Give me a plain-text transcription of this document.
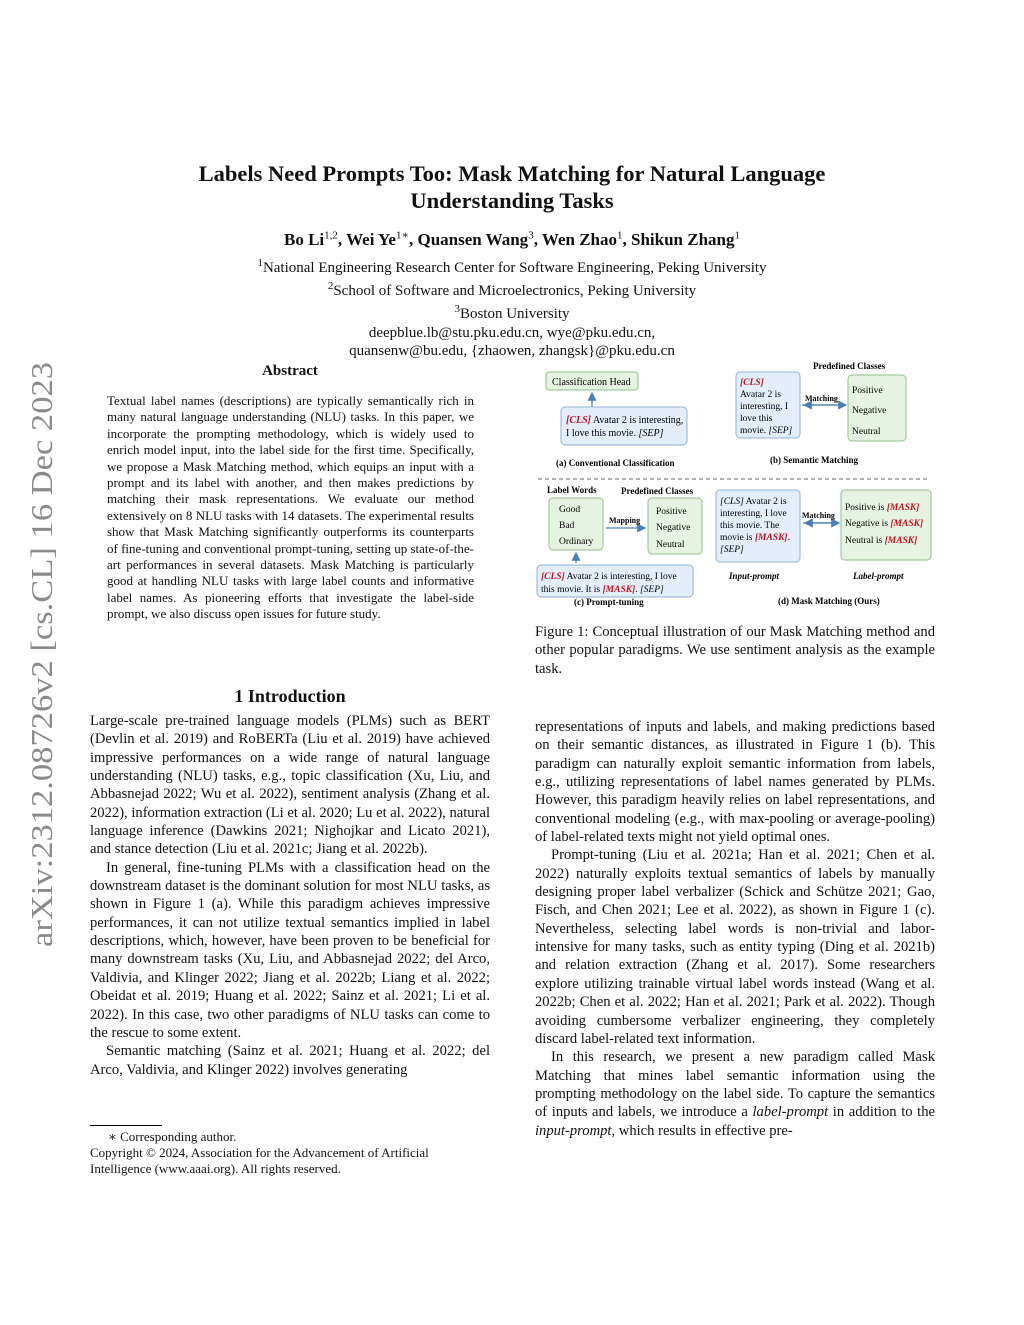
arXiv:2312.08726v2 [cs.CL] 16 Dec 2023
Labels Need Prompts Too: Mask Matching for Natural Language
Understanding Tasks
Bo Li$^{1,2}$, Wei $Ye^{1∗}$, Quansen Wang$^3$, Wen Zhao$^1$, Shikun Zhang$^1$
$^1$National Engineering Research Center for Software Engineering, Peking University
$^2$School of Software and Microelectronics, Peking University
$^3$Boston University
deepblue.lb@stu.pku.edu.cn, wye@pku.edu.cn,
quansenw@bu.edu, {zhaowen, zhangsk}@pku.edu.cn
Abstract
Textual label names (descriptions) are typically semantically rich in many natural language understanding (NLU) tasks. In this paper, we incorporate the prompting methodology, which is widely used to enrich model input, into the label side for the first time. Specifically, we propose a Mask Matching method, which equips an input with a prompt and its label with another, and then makes predictions by matching their mask representations. We evaluate our method extensively on 8 NLU tasks with 14 datasets. The experimental results show that Mask Matching significantly outperforms its counterparts of fine-tuning and conventional prompt-tuning, setting up state-of-the-art performances in several datasets. Mask Matching is particularly good at handling NLU tasks with large label counts and informative label names. As pioneering efforts that investigate the label-side prompt, we also discuss open issues for future study.
1 Introduction

Large-scale pre-trained language models (PLMs) such as BERT (Devlin et al. 2019) and RoBERTa (Liu et al. 2019) have achieved impressive performances on a wide range of natural language understanding (NLU) tasks, e.g., topic classification (Xu, Liu, and Abbasnejad 2022; Wu et al. 2022), sentiment analysis (Zhang et al. 2022), information extraction (Li et al. 2020; Lu et al. 2022), natural language inference (Dawkins 2021; Nighojkar and Licato 2021), and stance detection (Liu et al. 2021c; Jiang et al. 2022b).

In general, fine-tuning PLMs with a classification head on the downstream dataset is the dominant solution for most NLU tasks, as shown in Figure 1 (a). While this paradigm achieves impressive performances, it can not utilize textual semantics implied in label descriptions, which, however, have been proven to be beneficial for many downstream tasks (Xu, Liu, and Abbasnejad 2022; del Arco, Valdivia, and Klinger 2022; Jiang et al. 2022b; Liang et al. 2022; Obeidat et al. 2019; Huang et al. 2022; Sainz et al. 2021; Li et al. 2022). In this case, two other paradigms of NLU tasks can come to the rescue to some extent.

Semantic matching (Sainz et al. 2021; Huang et al. 2022; del Arco, Valdivia, and Klinger 2022) involves generating

∗ Corresponding author.
Copyright © 2024, Association for the Advancement of Artificial Intelligence (www.aaai.org). All rights reserved.
Classification Head
[CLS] Avatar 2 is interesting,
I love this movie. [SEP]
(a) Conventional Classification
Predefined Classes
[CLS]
Avatar 2 is
interesting, I
love this
movie. [SEP]
Matching
Positive
Negative
Neutral
(b) Semantic Matching
Label Words	Predefined Classes
Good
Bad
Ordinary
Mapping
Positive
Negative
Neutral
[CLS] Avatar 2 is interesting, I love
this movie. It is [MASK]. [SEP]
(c) Prompt-tuning
[CLS] Avatar 2 is
interesting, I love
this movie. The
movie is [MASK].
[SEP]
Matching
Positive is [MASK]
Negative is [MASK]
Neutral is [MASK]
Input-prompt	Label-prompt
(d) Mask Matching (Ours)
Figure 1: Conceptual illustration of our Mask Matching method and other popular paradigms. We use sentiment analysis as the example task.

representations of inputs and labels, and making predictions based on their semantic distances, as illustrated in Figure 1 (b). This paradigm can naturally exploit semantic information from labels, e.g., utilizing representations of label names generated by PLMs. However, this paradigm heavily relies on label representations, and conventional modeling (e.g., with max-pooling or average-pooling) of label-related texts might not yield optimal ones.

Prompt-tuning (Liu et al. 2021a; Han et al. 2021; Chen et al. 2022) naturally exploits textual semantics of labels by manually designing proper label verbalizer (Schick and Schütze 2021; Gao, Fisch, and Chen 2021; Lee et al. 2022), as shown in Figure 1 (c). Nevertheless, selecting label words is non-trivial and labor-intensive for many tasks, such as entity typing (Ding et al. 2021b) and relation extraction (Zhang et al. 2017). Some researchers explore utilizing trainable virtual label words instead (Wang et al. 2022b; Chen et al. 2022; Han et al. 2021; Park et al. 2022). Though avoiding cumbersome verbalizer engineering, they completely discard label-related text information.

In this research, we present a new paradigm called Mask Matching that mines label semantic information using the prompting methodology on the label side. To capture the semantics of inputs and labels, we introduce a label-prompt in addition to the input-prompt, which results in effective pre-
